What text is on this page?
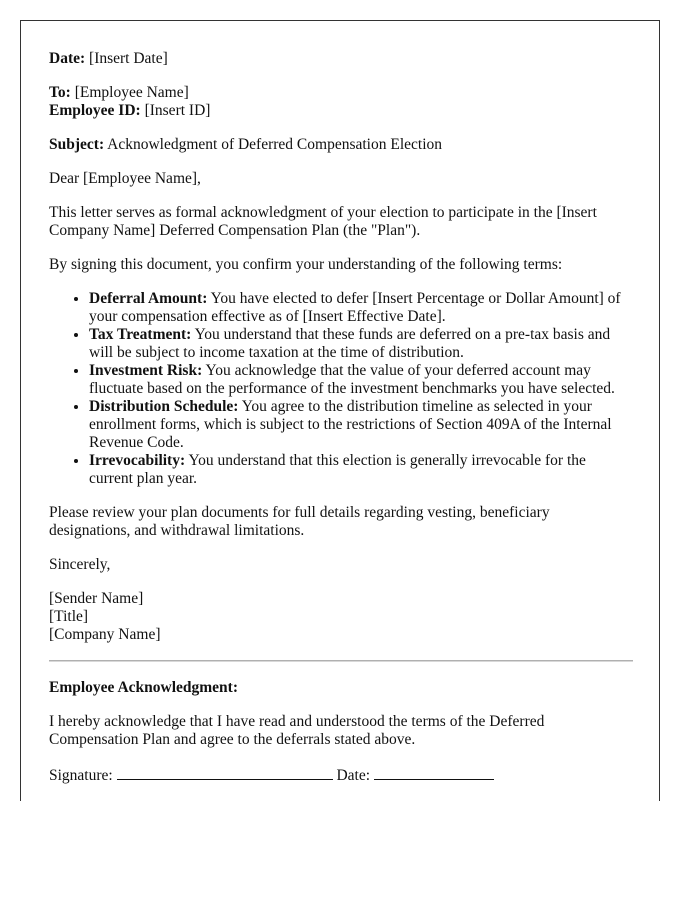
Date: [Insert Date]

To: [Employee Name]

Employee ID: [Insert ID]

Subject: Acknowledgment of Deferred Compensation Election

Dear [Employee Name],

This letter serves as formal acknowledgment of your election to participate in the [Insert Company Name] Deferred Compensation Plan (the "Plan").

By signing this document, you confirm your understanding of the following terms:

• Deferral Amount: You have elected to defer [Insert Percentage or Dollar Amount] of your compensation effective as of [Insert Effective Date].
• Tax Treatment: You understand that these funds are deferred on a pre-tax basis and will be subject to income taxation at the time of distribution.
• Investment Risk: You acknowledge that the value of your deferred account may fluctuate based on the performance of the investment benchmarks you have selected.
• Distribution Schedule: You agree to the distribution timeline as selected in your enrollment forms, which is subject to the restrictions of Section 409A of the Internal Revenue Code.
• Irrevocability: You understand that this election is generally irrevocable for the current plan year.

Please review your plan documents for full details regarding vesting, beneficiary designations, and withdrawal limitations.

Sincerely,

[Sender Name]

[Title]

[Company Name]

Employee Acknowledgment:

I hereby acknowledge that I have read and understood the terms of the Deferred Compensation Plan and agree to the deferrals stated above.

Signature:	Date:
